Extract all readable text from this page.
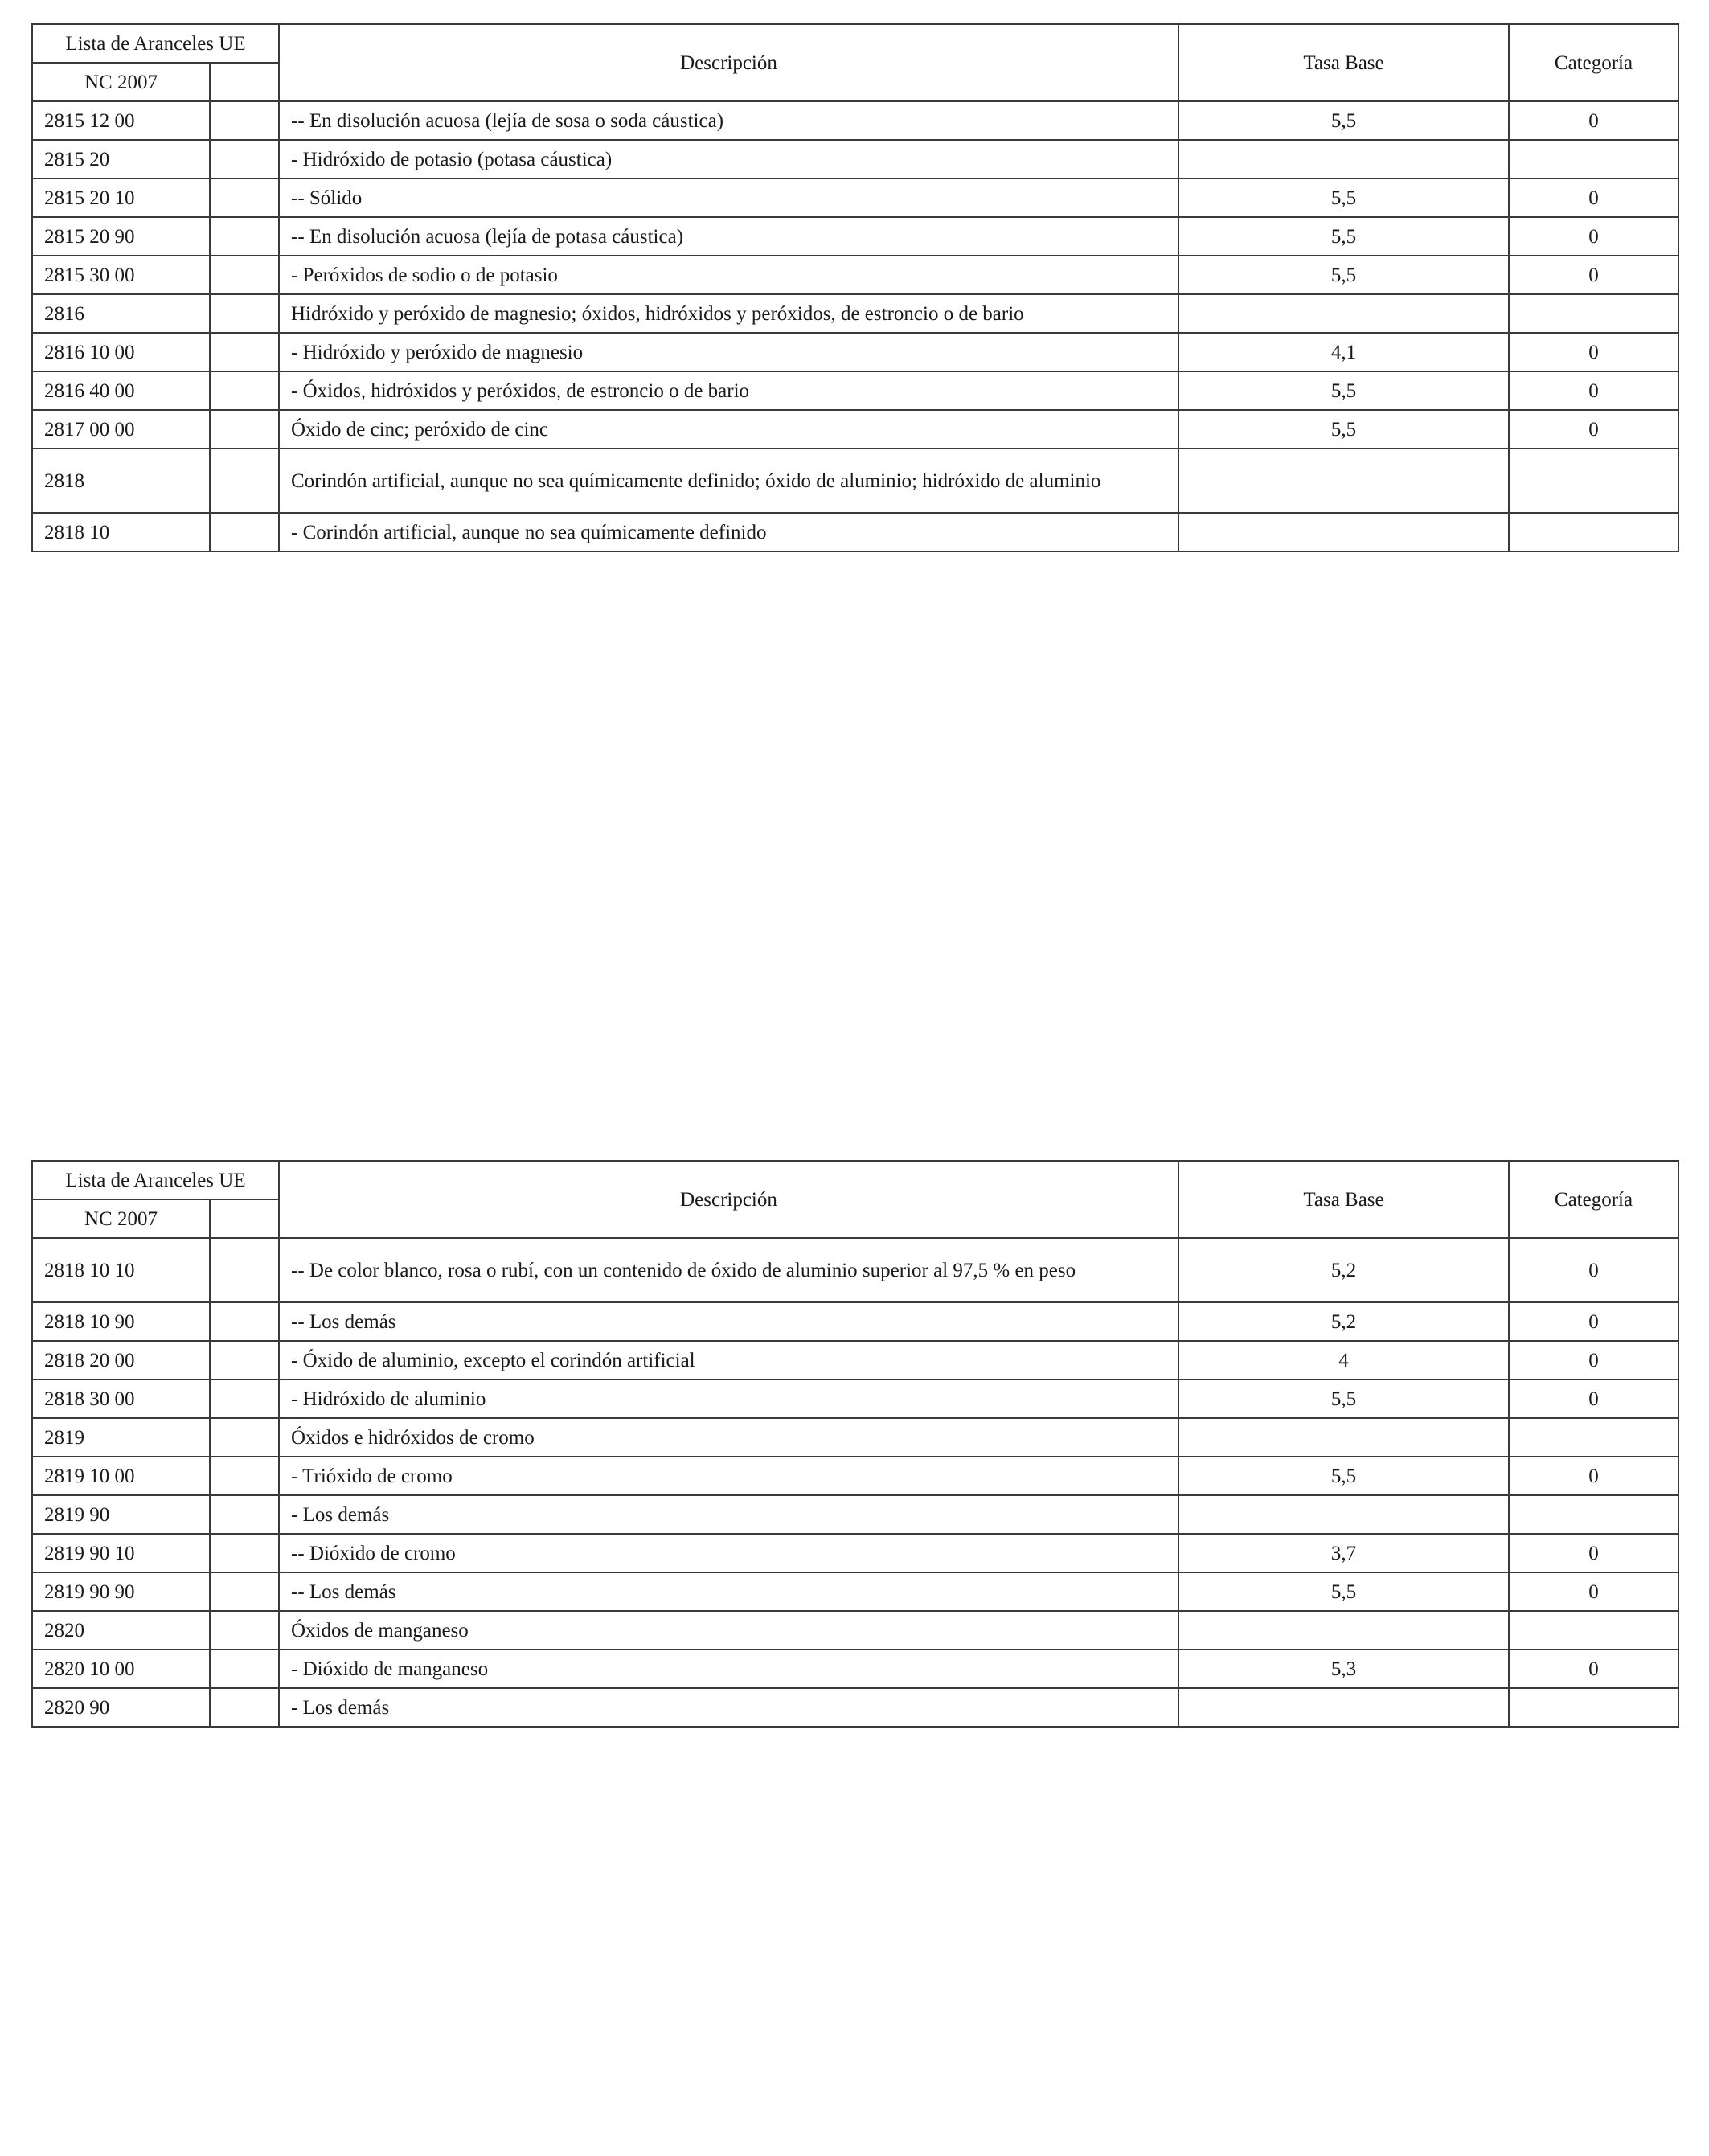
Lista de Aranceles UE		Descripción	Tasa Base	Categoría
NC 2007				
2815 12 00		-- En disolución acuosa (lejía de sosa o soda cáustica)	5,5	0
2815 20		- Hidróxido de potasio (potasa cáustica)		
2815 20 10		-- Sólido	5,5	0
2815 20 90		-- En disolución acuosa (lejía de potasa cáustica)	5,5	0
2815 30 00		- Peróxidos de sodio o de potasio	5,5	0
2816		Hidróxido y peróxido de magnesio; óxidos, hidróxidos y peróxidos, de estroncio o de bario		
2816 10 00		- Hidróxido y peróxido de magnesio	4,1	0
2816 40 00		- Óxidos, hidróxidos y peróxidos, de estroncio o de bario	5,5	0
2817 00 00		Óxido de cinc; peróxido de cinc	5,5	0
2818		Corindón artificial, aunque no sea químicamente definido; óxido de aluminio; hidróxido de aluminio		
2818 10		- Corindón artificial, aunque no sea químicamente definido		
Lista de Aranceles UE		Descripción	Tasa Base	Categoría
NC 2007				
2818 10 10		-- De color blanco, rosa o rubí, con un contenido de óxido de aluminio superior al 97,5 % en peso	5,2	0
2818 10 90		-- Los demás	5,2	0
2818 20 00		- Óxido de aluminio, excepto el corindón artificial	4	0
2818 30 00		- Hidróxido de aluminio	5,5	0
2819		Óxidos e hidróxidos de cromo		
2819 10 00		- Trióxido de cromo	5,5	0
2819 90		- Los demás		
2819 90 10		-- Dióxido de cromo	3,7	0
2819 90 90		-- Los demás	5,5	0
2820		Óxidos de manganeso		
2820 10 00		- Dióxido de manganeso	5,3	0
2820 90		- Los demás		
